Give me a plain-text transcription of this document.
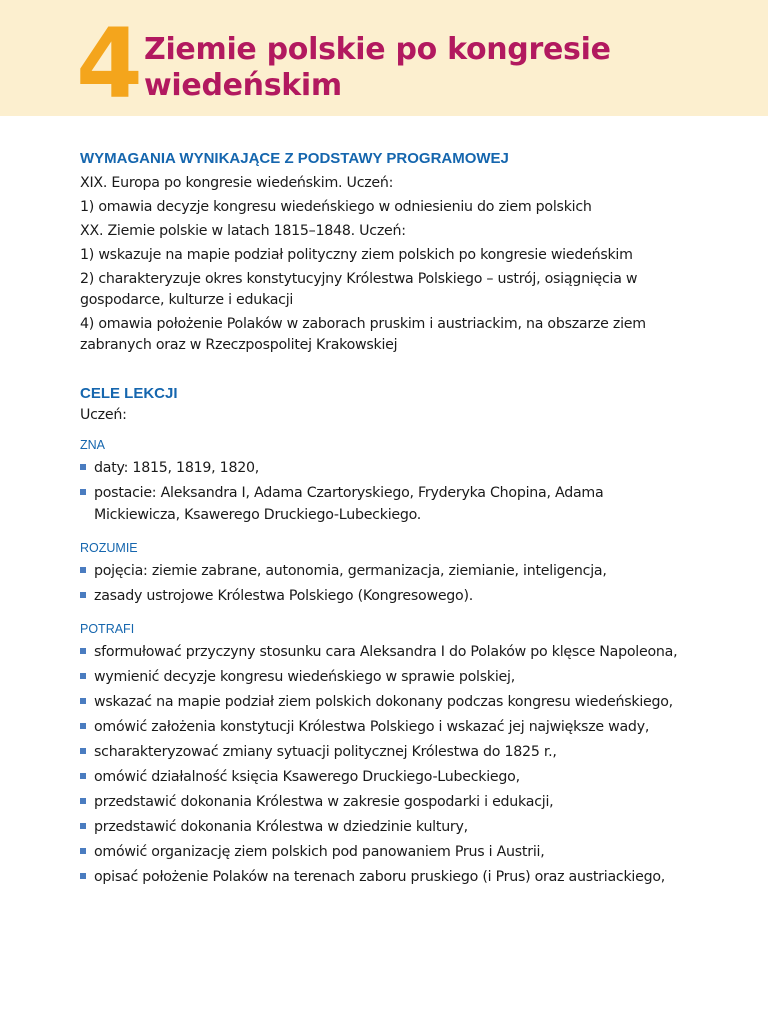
4 Ziemie polskie po kongresie
wiedeńskim
WYMAGANIA WYNIKAJĄCE Z PODSTAWY PROGRAMOWEJ
XIX. Europa po kongresie wiedeńskim. Uczeń:
1) omawia decyzje kongresu wiedeńskiego w odniesieniu do ziem polskich
XX. Ziemie polskie w latach 1815–1848. Uczeń:
1) wskazuje na mapie podział polityczny ziem polskich po kongresie wiedeńskim
2) charakteryzuje okres konstytucyjny Królestwa Polskiego – ustrój, osiągnięcia w gospodarce, kulturze i edukacji
4) omawia położenie Polaków w zaborach pruskim i austriackim, na obszarze ziem zabranych oraz w Rzeczpospolitej Krakowskiej
CELE LEKCJI
Uczeń:
ZNA
daty: 1815, 1819, 1820,
postacie: Aleksandra I, Adama Czartoryskiego, Fryderyka Chopina, Adama Mickiewicza, Ksawerego Druckiego-Lubeckiego.
ROZUMIE
pojęcia: ziemie zabrane, autonomia, germanizacja, ziemianie, inteligencja,
zasady ustrojowe Królestwa Polskiego (Kongresowego).
POTRAFI
sformułować przyczyny stosunku cara Aleksandra I do Polaków po klęsce Napoleona,
wymienić decyzje kongresu wiedeńskiego w sprawie polskiej,
wskazać na mapie podział ziem polskich dokonany podczas kongresu wiedeńskiego,
omówić założenia konstytucji Królestwa Polskiego i wskazać jej największe wady,
scharakteryzować zmiany sytuacji politycznej Królestwa do 1825 r.,
omówić działalność księcia Ksawerego Druckiego-Lubeckiego,
przedstawić dokonania Królestwa w zakresie gospodarki i edukacji,
przedstawić dokonania Królestwa w dziedzinie kultury,
omówić organizację ziem polskich pod panowaniem Prus i Austrii,
opisać położenie Polaków na terenach zaboru pruskiego (i Prus) oraz austriackiego,
